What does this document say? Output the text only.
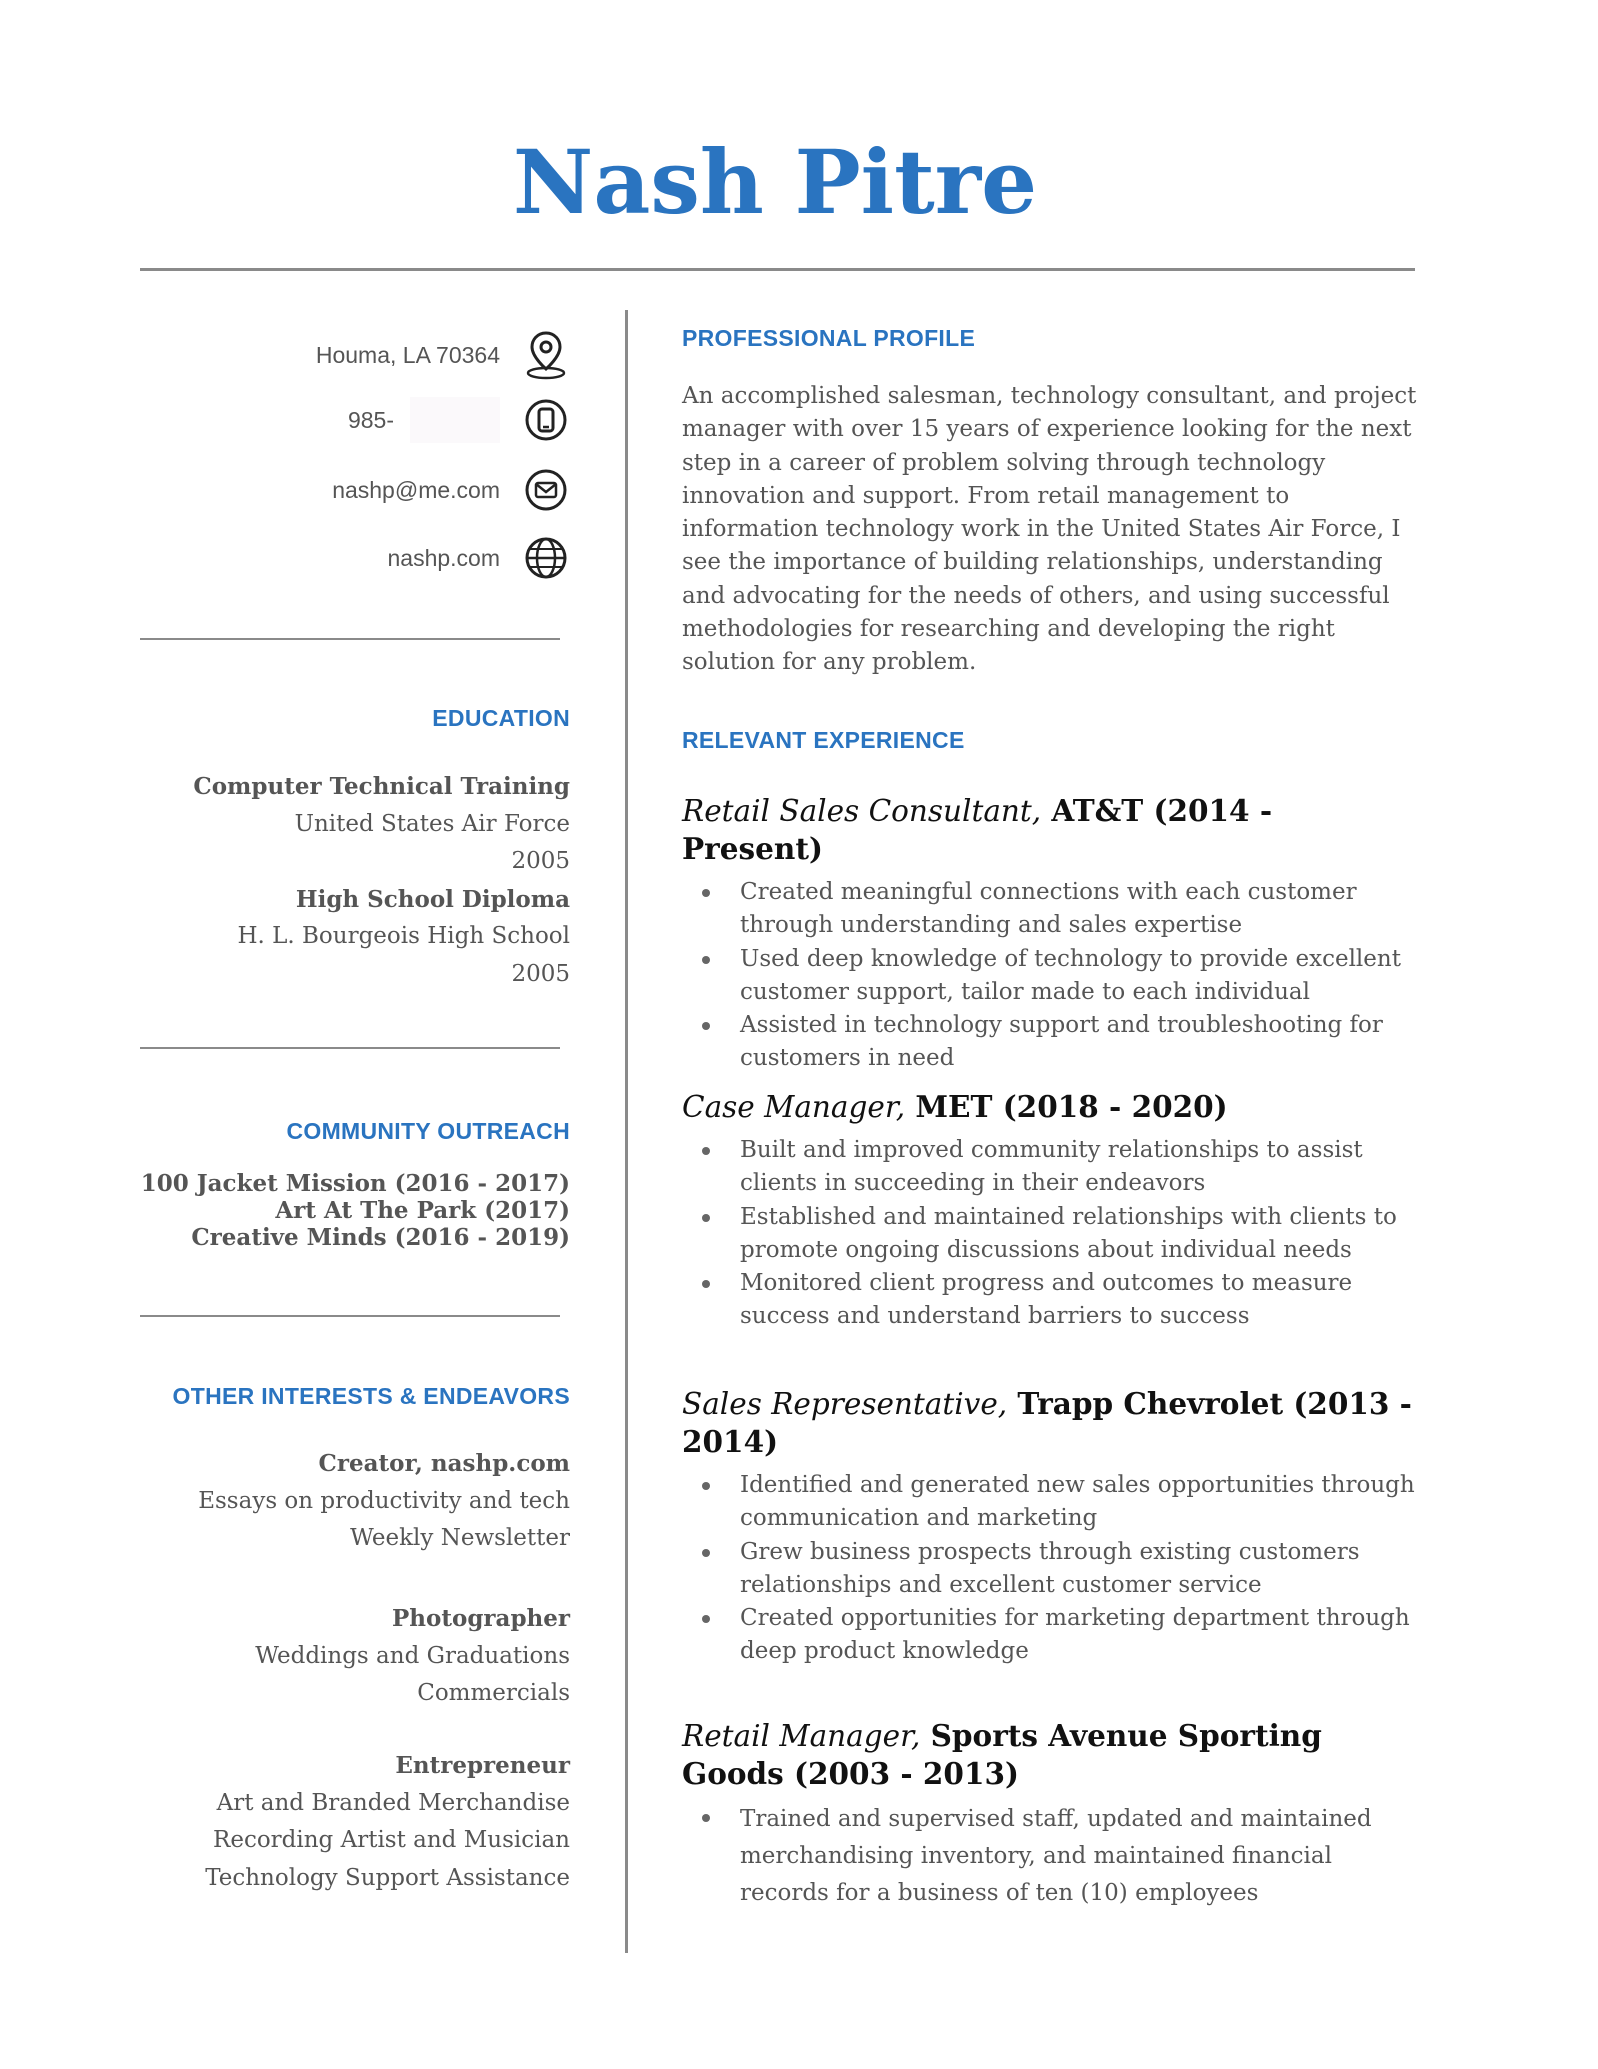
Nash Pitre
Houma, LA 70364
985-
nashp@me.com
nashp.com
EDUCATION
Computer Technical Training
United States Air Force
2005
High School Diploma
H. L. Bourgeois High School
2005
COMMUNITY OUTREACH
100 Jacket Mission (2016 - 2017)
Art At The Park (2017)
Creative Minds (2016 - 2019)
OTHER INTERESTS & ENDEAVORS
Creator, nashp.com
Essays on productivity and tech
Weekly Newsletter
Photographer
Weddings and Graduations
Commercials
Entrepreneur
Art and Branded Merchandise
Recording Artist and Musician
Technology Support Assistance
PROFESSIONAL PROFILE
An accomplished salesman, technology consultant, and project manager with over 15 years of experience looking for the next step in a career of problem solving through technology innovation and support. From retail management to information technology work in the United States Air Force, I see the importance of building relationships, understanding and advocating for the needs of others, and using successful methodologies for researching and developing the right solution for any problem.
RELEVANT EXPERIENCE
Retail Sales Consultant, AT&T (2014 - Present)
Created meaningful connections with each customer through understanding and sales expertise
Used deep knowledge of technology to provide excellent customer support, tailor made to each individual
Assisted in technology support and troubleshooting for customers in need
Case Manager, MET (2018 - 2020)
Built and improved community relationships to assist clients in succeeding in their endeavors
Established and maintained relationships with clients to promote ongoing discussions about individual needs
Monitored client progress and outcomes to measure success and understand barriers to success
Sales Representative, Trapp Chevrolet (2013 - 2014)
Identified and generated new sales opportunities through communication and marketing
Grew business prospects through existing customers relationships and excellent customer service
Created opportunities for marketing department through deep product knowledge
Retail Manager, Sports Avenue Sporting Goods (2003 - 2013)
Trained and supervised staff, updated and maintained merchandising inventory, and maintained financial records for a business of ten (10) employees
